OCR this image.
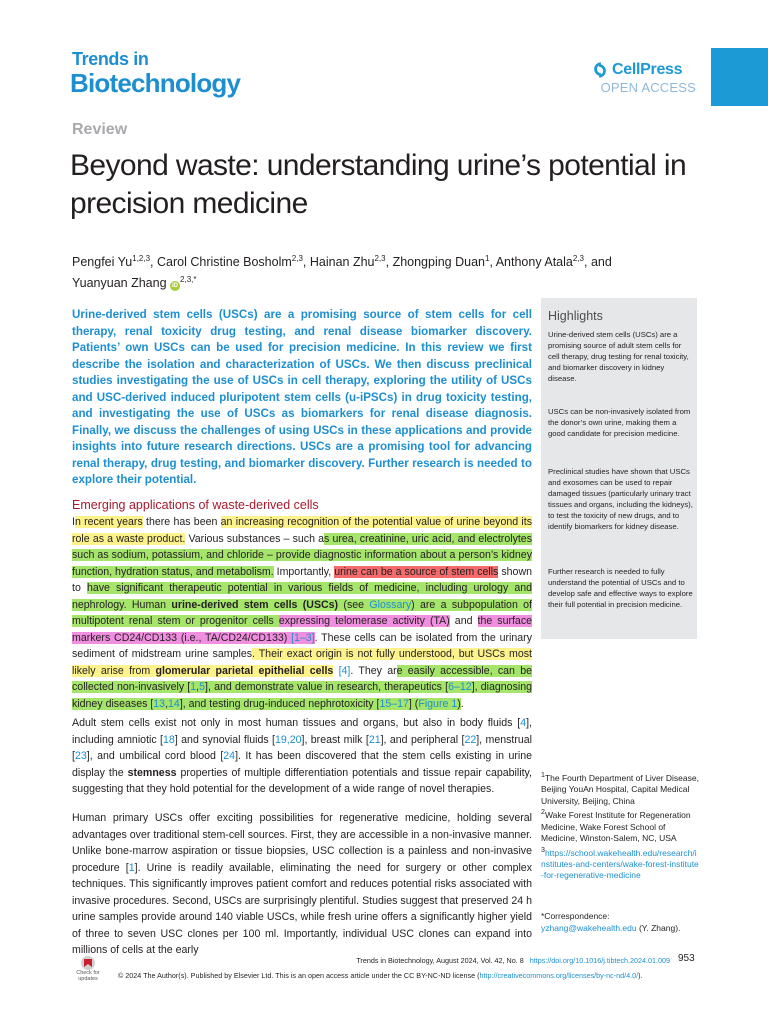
Trends in
Biotechnology	CellPress
OPEN ACCESS
Review
Beyond waste: understanding urine’s potential in precision medicine
Pengfei Yu$^{1,2,3}$, Carol Christine Bosholm$^{2,3}$, Hainan Zhu$^{2,3}$, Zhongping Duan$^1$, Anthony Atala$^{2,3}$, and
Yuanyuan Zhang $iD^{2,3,*}$
Urine-derived stem cells (USCs) are a promising source of stem cells for cell therapy, renal toxicity drug testing, and renal disease biomarker discovery. Patients’ own USCs can be used for precision medicine. In this review we first describe the isolation and characterization of USCs. We then discuss preclinical studies investigating the use of USCs in cell therapy, exploring the utility of USCs and USC-derived induced pluripotent stem cells (u-iPSCs) in drug toxicity testing, and investigating the use of USCs as biomarkers for renal disease diagnosis. Finally, we discuss the challenges of using USCs in these applications and provide insights into future research directions. USCs are a promising tool for advancing renal therapy, drug testing, and biomarker discovery. Further research is needed to explore their potential.
Highlights
Urine-derived stem cells (USCs) are a promising source of adult stem cells for cell therapy, drug testing for renal toxicity, and biomarker discovery in kidney disease.
USCs can be non-invasively isolated from the donor’s own urine, making them a good candidate for precision medicine.
Preclinical studies have shown that USCs and exosomes can be used to repair damaged tissues (particularly urinary tract tissues and organs, including the kidneys), to test the toxicity of new drugs, and to identify biomarkers for kidney disease.
Further research is needed to fully understand the potential of USCs and to develop safe and effective ways to explore their full potential in precision medicine.
Emerging applications of waste-derived cells
In recent years there has been an increasing recognition of the potential value of urine beyond its role as a waste product. Various substances – such as urea, creatinine, uric acid, and electrolytes such as sodium, potassium, and chloride – provide diagnostic information about a person’s kidney function, hydration status, and metabolism. Importantly, urine can be a source of stem cells shown to have significant therapeutic potential in various fields of medicine, including urology and nephrology. Human urine-derived stem cells (USCs) (see Glossary) are a subpopulation of multipotent renal stem or progenitor cells expressing telomerase activity (TA) and the surface markers CD24/CD133 (i.e., TA/CD24/CD133) [1–3]. These cells can be isolated from the urinary sediment of midstream urine samples. Their exact origin is not fully understood, but USCs most likely arise from glomerular parietal epithelial cells [4]. They are easily accessible, can be collected non-invasively [1,5], and demonstrate value in research, therapeutics [6–12], diagnosing kidney diseases [13,14], and testing drug-induced nephrotoxicity [15–17] (Figure 1).
Adult stem cells exist not only in most human tissues and organs, but also in body fluids [4], including amniotic [18] and synovial fluids [19,20], breast milk [21], and peripheral [22], menstrual [23], and umbilical cord blood [24]. It has been discovered that the stem cells existing in urine display the stemness properties of multiple differentiation potentials and tissue repair capability, suggesting that they hold potential for the development of a wide range of novel therapies.
Human primary USCs offer exciting possibilities for regenerative medicine, holding several advantages over traditional stem-cell sources. First, they are accessible in a non-invasive manner. Unlike bone-marrow aspiration or tissue biopsies, USC collection is a painless and non-invasive procedure [1]. Urine is readily available, eliminating the need for surgery or other complex techniques. This significantly improves patient comfort and reduces potential risks associated with invasive procedures. Second, USCs are surprisingly plentiful. Studies suggest that preserved 24 h urine samples provide around 140 viable USCs, while fresh urine offers a significantly higher yield of three to seven USC clones per 100 ml. Importantly, individual USC clones can expand into millions of cells at the early
$^1$The Fourth Department of Liver Disease, Beijing YouAn Hospital, Capital Medical University, Beijing, China
$^2$Wake Forest Institute for Regeneration Medicine, Wake Forest School of Medicine, Winston-Salem, NC, USA
$^3$https://school.wakehealth.edu/research/institutes-and-centers/wake-forest-institute-for-regenerative-medicine
*Correspondence:
yzhang@wakehealth.edu (Y. Zhang).
Check for updates
Trends in Biotechnology, August 2024, Vol. 42, No. 8 https://doi.org/10.1016/j.tibtech.2024.01.009 953
© 2024 The Author(s). Published by Elsevier Ltd. This is an open access article under the CC BY-NC-ND license (http://creativecommons.org/licenses/by-nc-nd/4.0/).
